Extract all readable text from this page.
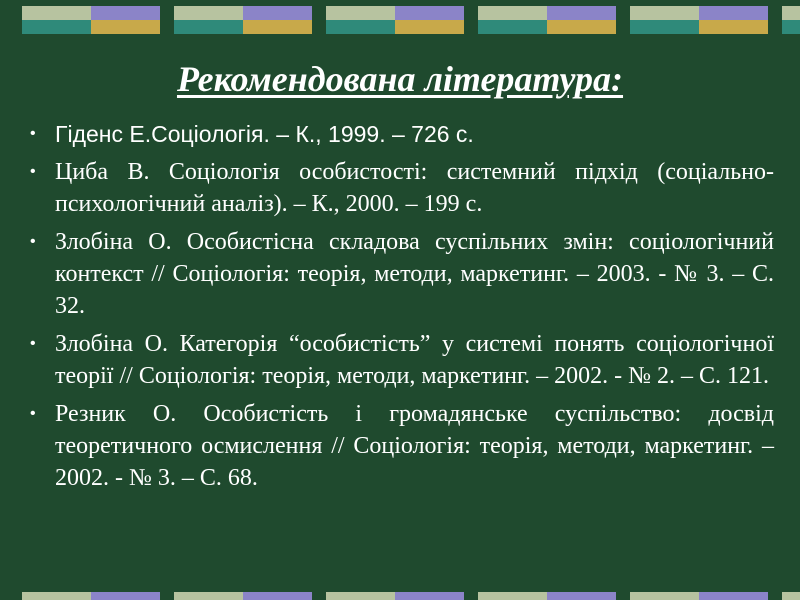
Рекомендована література:
• Гіденс Е.Соціологія. – К., 1999. – 726 с.
• Циба В. Соціологія особистості: системний підхід (соціально-психологічний аналіз). – К., 2000. – 199 с.
• Злобіна О. Особистісна складова суспільних змін: соціологічний контекст // Соціологія: теорія, методи, маркетинг. – 2003. - № 3. – С. 32.
• Злобіна О. Категорія “особистість” у системі понять соціологічної теорії // Соціологія: теорія, методи, маркетинг. – 2002. - № 2. – С. 121.
• Резник О. Особистість і громадянське суспільство: досвід теоретичного осмислення // Соціологія: теорія, методи, маркетинг. – 2002. - № 3. – С. 68.
